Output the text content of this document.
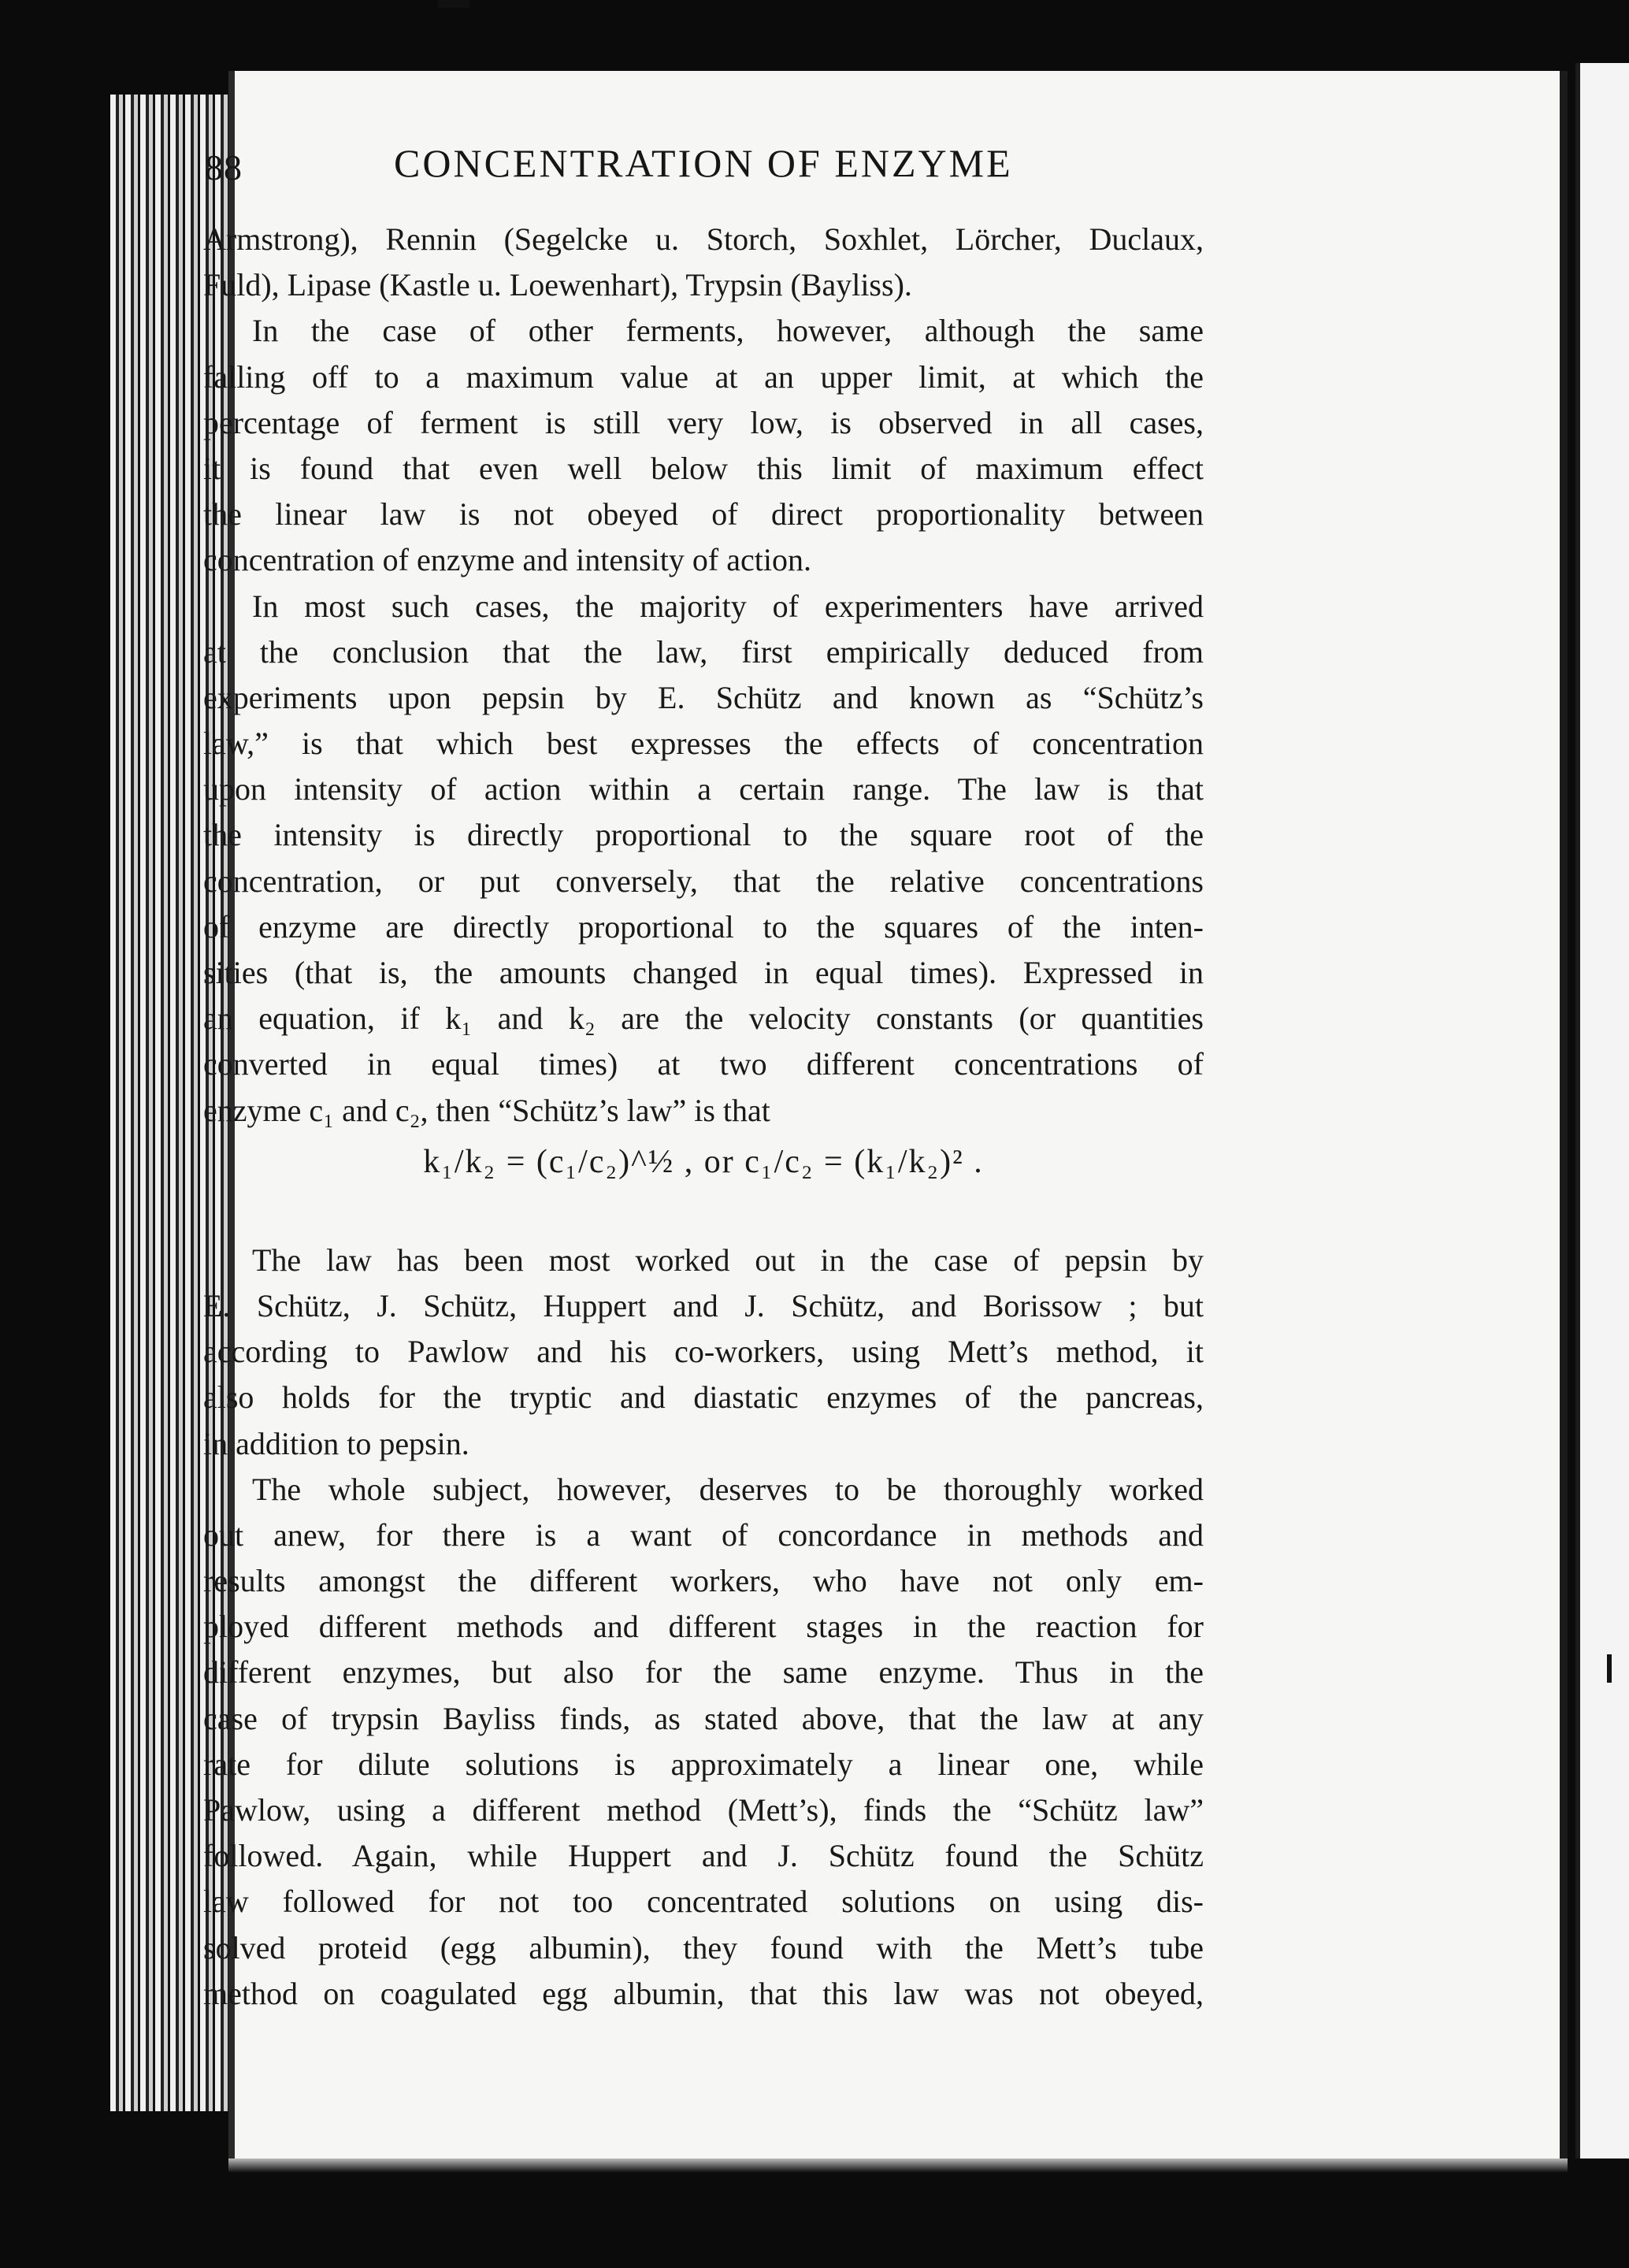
88	CONCENTRATION OF ENZYME
Armstrong), Rennin (Segelcke u. Storch, Soxhlet, Lörcher, Duclaux,
Fuld), Lipase (Kastle u. Loewenhart), Trypsin (Bayliss).
In the case of other ferments, however, although the same
falling off to a maximum value at an upper limit, at which the
percentage of ferment is still very low, is observed in all cases,
it is found that even well below this limit of maximum effect
the linear law is not obeyed of direct proportionality between
concentration of enzyme and intensity of action.
In most such cases, the majority of experimenters have arrived
at the conclusion that the law, first empirically deduced from
experiments upon pepsin by E. Schütz and known as “Schütz’s
law,” is that which best expresses the effects of concentration
upon intensity of action within a certain range. The law is that
the intensity is directly proportional to the square root of the
concentration, or put conversely, that the relative concentrations
of enzyme are directly proportional to the squares of the inten-
sities (that is, the amounts changed in equal times). Expressed in
an equation, if k₁ and k₂ are the velocity constants (or quantities
converted in equal times) at two different concentrations of
enzyme c₁ and c₂, then “Schütz’s law” is that
k₁/k₂ = (c₁/c₂)^½ , or c₁/c₂ = (k₁/k₂)² .
The law has been most worked out in the case of pepsin by
E. Schütz, J. Schütz, Huppert and J. Schütz, and Borissow ; but
according to Pawlow and his co-workers, using Mett’s method, it
also holds for the tryptic and diastatic enzymes of the pancreas,
in addition to pepsin.
The whole subject, however, deserves to be thoroughly worked
out anew, for there is a want of concordance in methods and
results amongst the different workers, who have not only em-
ployed different methods and different stages in the reaction for
different enzymes, but also for the same enzyme. Thus in the
case of trypsin Bayliss finds, as stated above, that the law at any
rate for dilute solutions is approximately a linear one, while
Pawlow, using a different method (Mett’s), finds the “Schütz law”
followed. Again, while Huppert and J. Schütz found the Schütz
law followed for not too concentrated solutions on using dis-
solved proteid (egg albumin), they found with the Mett’s tube
method on coagulated egg albumin, that this law was not obeyed,
